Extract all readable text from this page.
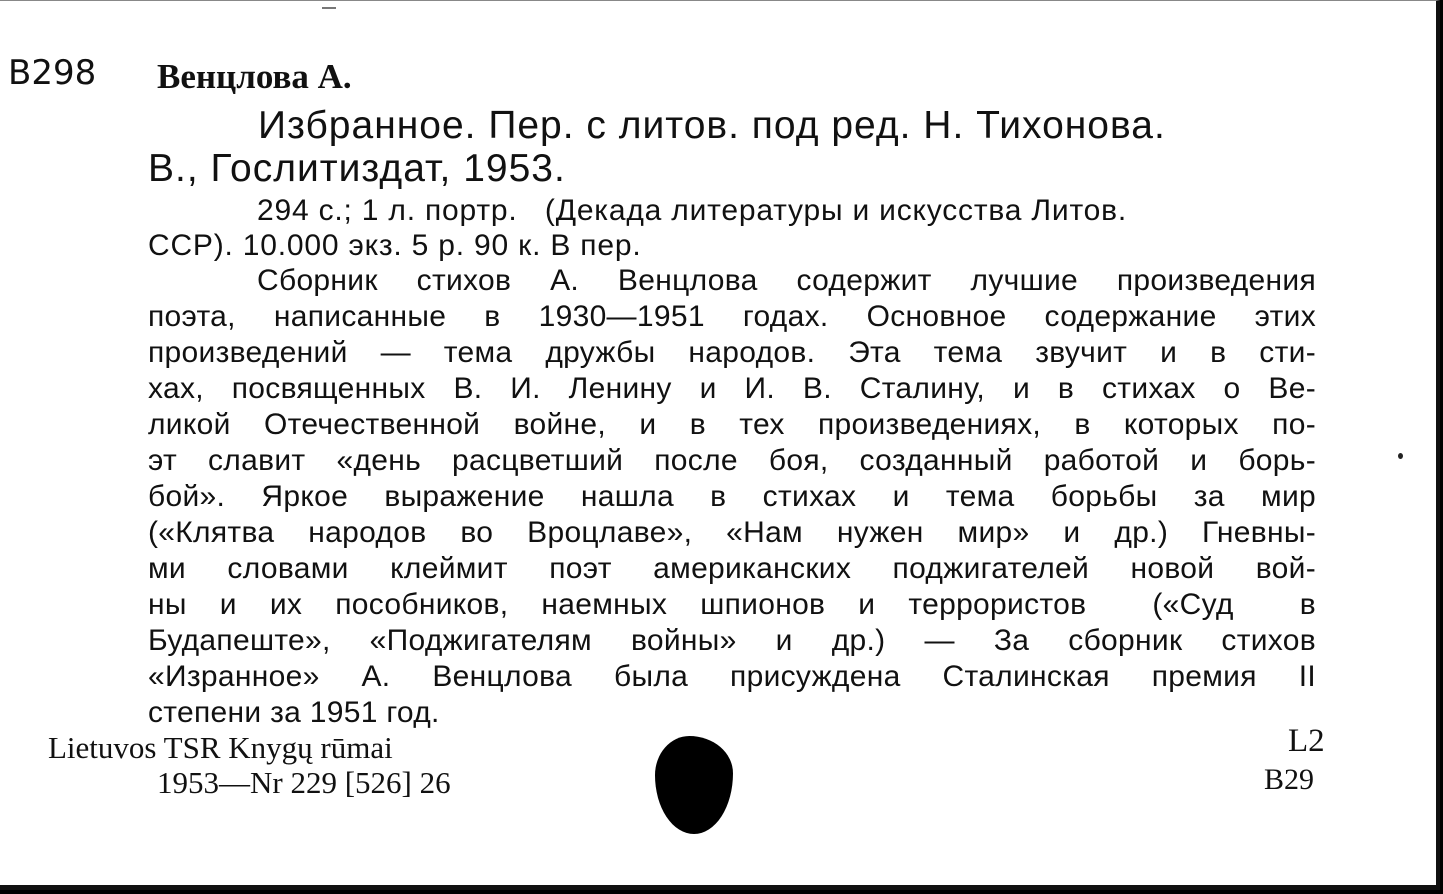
B298 Венцлова А.
Избранное. Пер. с литов. под ред. Н. Тихонова.
В., Гослитиздат, 1953.
294 с.; 1 л. портр.   (Декада литературы и искусства Литов.
ССР). 10.000 экз. 5 р. 90 к. В пер.
Сборник стихов А. Венцлова содержит лучшие произведения
поэта, написанные в 1930—1951 годах. Основное содержание этих
произведений — тема дружбы народов. Эта тема звучит и в сти-
хах, посвященных В. И. Ленину и И. В. Сталину, и в стихах о Ве-
ликой Отечественной войне, и в тех произведениях, в которых по-
эт славит «день расцветший после боя, созданный работой и борь-
бой». Яркое выражение нашла в стихах и тема борьбы за мир
(«Клятва народов во Вроцлаве», «Нам нужен мир» и др.) Гневны-
ми словами клеймит поэт американских поджигателей новой вой-
ны и их пособников, наемных шпионов и террористов  («Суд  в
Будапеште», «Поджигателям войны» и др.) — За сборник стихов
«Изранное» А. Венцлова была присуждена Сталинская премия II
степени за 1951 год.
Lietuvos TSR Knygų rūmai
1953—Nr 229 [526] 26
L2
B29
